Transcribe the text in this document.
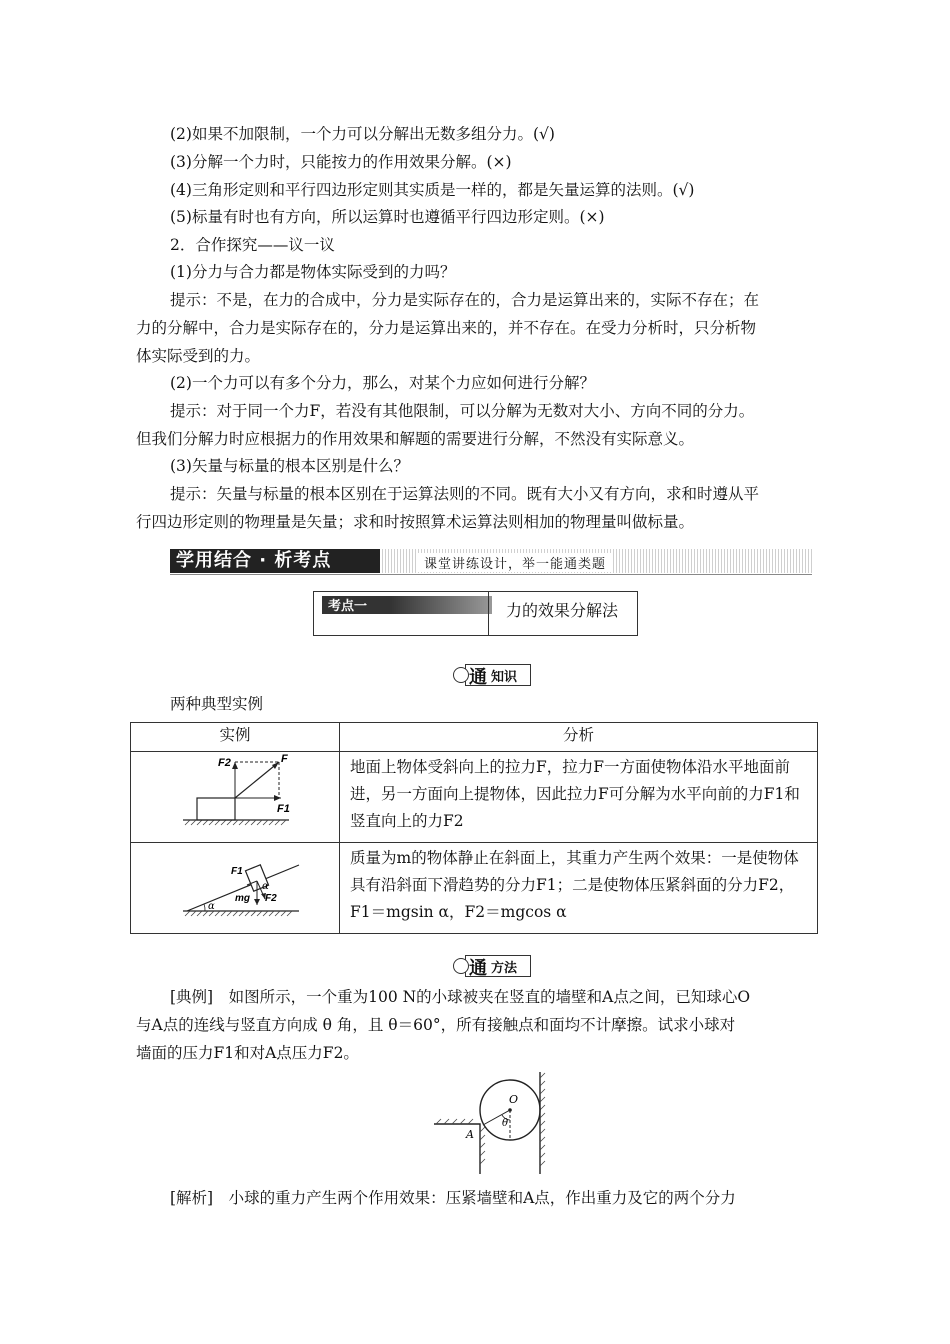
(2)如果不加限制，一个力可以分解出无数多组分力。(√)
(3)分解一个力时，只能按力的作用效果分解。(×)
(4)三角形定则和平行四边形定则其实质是一样的，都是矢量运算的法则。(√)
(5)标量有时也有方向，所以运算时也遵循平行四边形定则。(×)
2．合作探究——议一议
(1)分力与合力都是物体实际受到的力吗？
提示：不是，在力的合成中，分力是实际存在的，合力是运算出来的，实际不存在；在
力的分解中，合力是实际存在的，分力是运算出来的，并不存在。在受力分析时，只分析物
体实际受到的力。
(2)一个力可以有多个分力，那么，对某个力应如何进行分解？
提示：对于同一个力F，若没有其他限制，可以分解为无数对大小、方向不同的分力。
但我们分解力时应根据力的作用效果和解题的需要进行分解，不然没有实际意义。
(3)矢量与标量的根本区别是什么？
提示：矢量与标量的根本区别在于运算法则的不同。既有大小又有方向，求和时遵从平
行四边形定则的物理量是矢量；求和时按照算术运算法则相加的物理量叫做标量。
学用结合 · 析考点	课堂讲练设计，举一能通类题
考点一	力的效果分解法
通 知识
两种典型实例
实例	分析

F2 F
F1	地面上物体受斜向上的拉力F，拉力F一方面使物体沿水平地面前进，另一方面向上提物体，因此拉力F可分解为水平向前的力F1和竖直向上的力F2

α
F1
F2
mg
α	质量为m的物体静止在斜面上，其重力产生两个效果：一是使物体具有沿斜面下滑趋势的分力F1；二是使物体压紧斜面的分力F2，F1＝mgsin α，F2＝mgcos α
通 方法
[典例]　如图所示，一个重为100 N的小球被夹在竖直的墙壁和A点之间，已知球心O
与A点的连线与竖直方向成 θ 角，且 θ＝60°，所有接触点和面均不计摩擦。试求小球对
墙面的压力F1和对A点压力F2。
O
θ
A
[解析]　小球的重力产生两个作用效果：压紧墙壁和A点，作出重力及它的两个分力
